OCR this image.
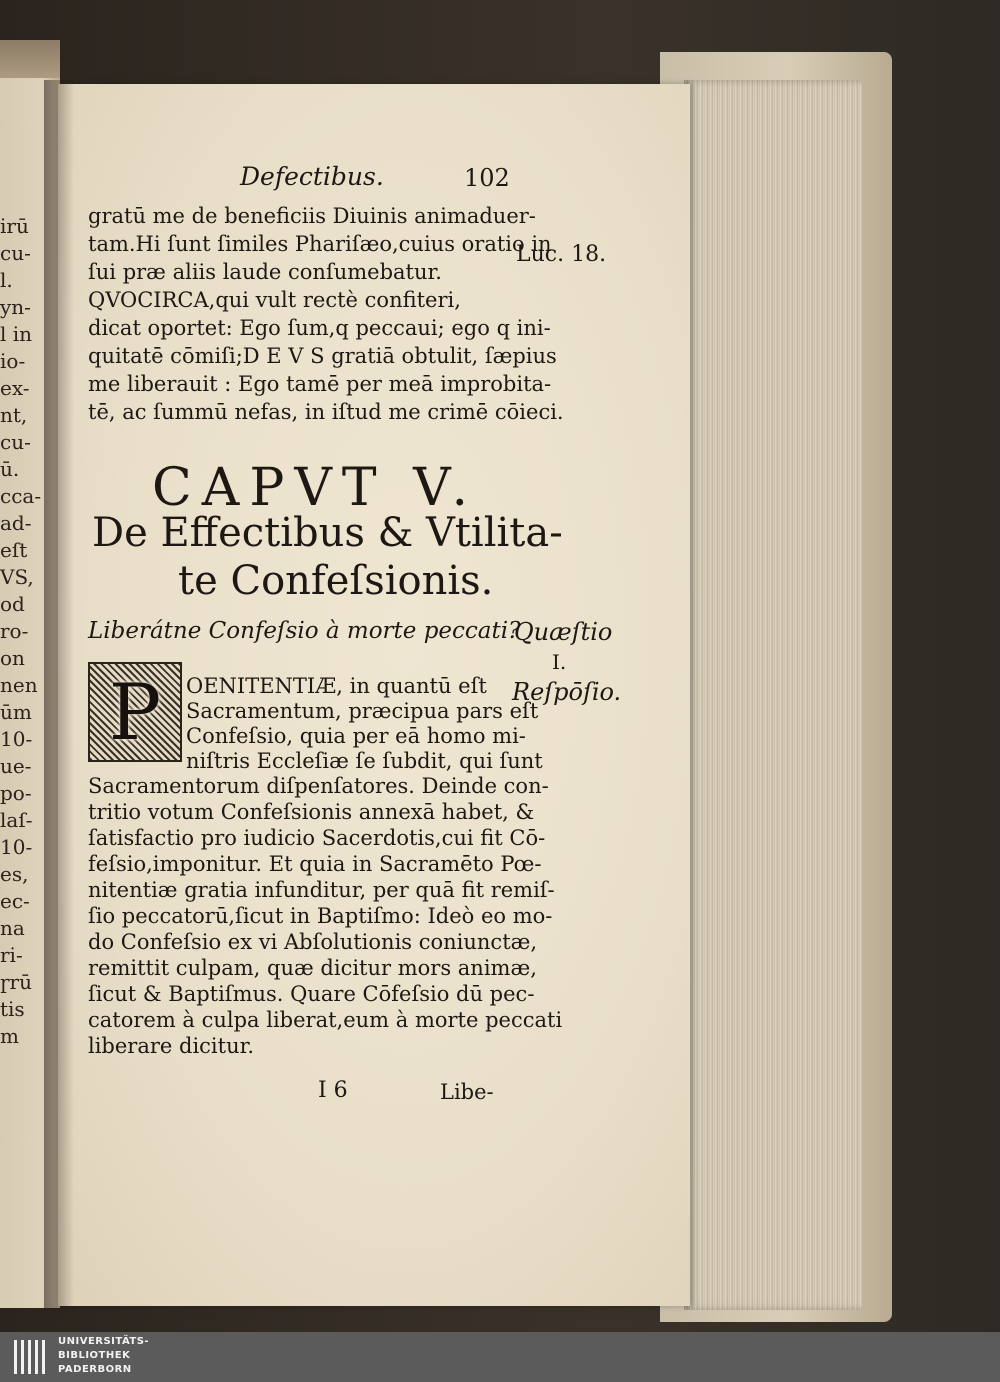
irū
cu-
l.
yn-
l in
io-
ex-
nt,
cu-
ū.
cca-
ad-
eſt
VS,
od
ro-
on
nen
ūm
10-
ue-
po-
laſ-
10-
es,
ec-
na
ri-
ɼrū
tis
m
Defectibus.	102
gratū me de beneficiis Diuinis animaduer-
tam.Hi ſunt ſimiles Phariſæo,cuius oratio in
ſui præ aliis laude conſumebatur.
QVOCIRCA,qui vult rectè confiteri,
dicat oportet: Ego ſum,q peccaui; ego q ini-
quitatē cōmiſi;D E V S gratiā obtulit, ſæpius
me liberauit : Ego tamē per meā improbita-
tē, ac ſummū nefas, in iſtud me crimē cōieci.
CAPVT V.
De Effectibus & Vtilita-
te Confeſsionis.
Liberátne Confeſsio à morte peccati?
P	OENITENTIÆ, in quantū eſt
Sacramentum, præcipua pars eſt
Confeſsio, quia per eā homo mi-
niſtris Eccleſiæ ſe ſubdit, qui ſunt
Sacramentorum diſpenſatores. Deinde con-
tritio votum Confeſsionis annexā habet, &
ſatisfactio pro iudicio Sacerdotis,cui fit Cō-
feſsio,imponitur. Et quia in Sacramēto Pœ-
nitentiæ gratia infunditur, per quā fit remiſ-
ſio peccatorū,ſicut in Baptiſmo: Ideò eo mo-
do Confeſsio ex vi Abſolutionis coniunctæ,
remittit culpam, quæ dicitur mors animæ,
ſicut & Baptiſmus. Quare Cōfeſsio dū pec-
catorem à culpa liberat,eum à morte peccati
liberare dicitur.
I 6	Libe-
Luc. 18.
Quæſtio
I.
Reſpōſio.
UNIVERSITÄTS-
BIBLIOTHEK
PADERBORN
